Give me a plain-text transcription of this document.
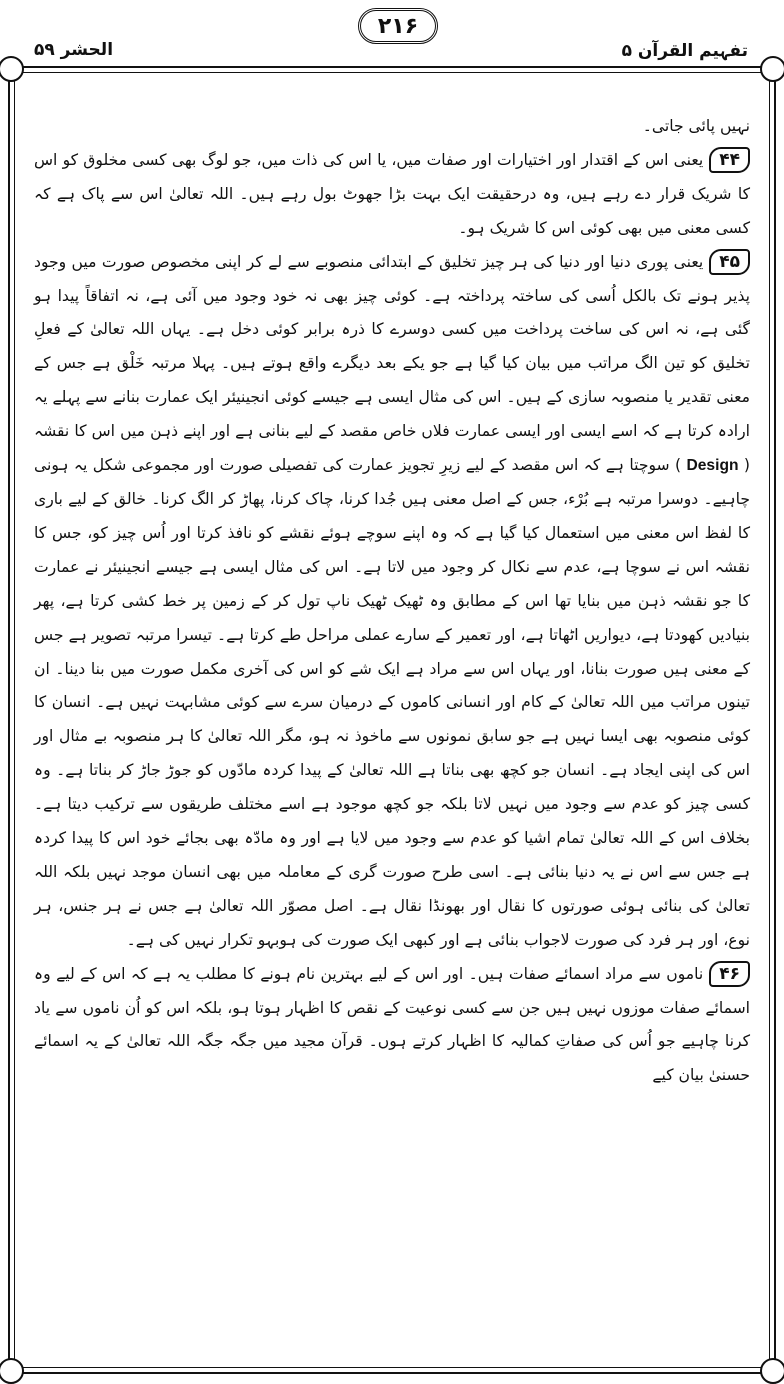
الحشر ۵۹
۲۱۶
تفہیم القرآن ۵

نہیں پائی جاتی۔

۴۴یعنی اس کے اقتدار اور اختیارات اور صفات میں، یا اس کی ذات میں، جو لوگ بھی کسی مخلوق کو اس کا شریک قرار دے رہے ہیں، وہ درحقیقت ایک بہت بڑا جھوٹ بول رہے ہیں۔ اللہ تعالیٰ اس سے پاک ہے کہ کسی معنی میں بھی کوئی اس کا شریک ہو۔

۴۵یعنی پوری دنیا اور دنیا کی ہر چیز تخلیق کے ابتدائی منصوبے سے لے کر اپنی مخصوص صورت میں وجود پذیر ہونے تک بالکل اُسی کی ساختہ پرداختہ ہے۔ کوئی چیز بھی نہ خود وجود میں آئی ہے، نہ اتفاقاً پیدا ہو گئی ہے، نہ اس کی ساخت پرداخت میں کسی دوسرے کا ذرہ برابر کوئی دخل ہے۔ یہاں اللہ تعالیٰ کے فعلِ تخلیق کو تین الگ مراتب میں بیان کیا گیا ہے جو یکے بعد دیگرے واقع ہوتے ہیں۔ پہلا مرتبہ خَلْق ہے جس کے معنی تقدیر یا منصوبہ سازی کے ہیں۔ اس کی مثال ایسی ہے جیسے کوئی انجینیئر ایک عمارت بنانے سے پہلے یہ ارادہ کرتا ہے کہ اسے ایسی اور ایسی عمارت فلاں خاص مقصد کے لیے بنانی ہے اور اپنے ذہن میں اس کا نقشہ ( Design ) سوچتا ہے کہ اس مقصد کے لیے زیرِ تجویز عمارت کی تفصیلی صورت اور مجموعی شکل یہ ہونی چاہیے۔ دوسرا مرتبہ ہے بُرْء، جس کے اصل معنی ہیں جُدا کرنا، چاک کرنا، پھاڑ کر الگ کرنا۔ خالق کے لیے باری کا لفظ اس معنی میں استعمال کیا گیا ہے کہ وہ اپنے سوچے ہوئے نقشے کو نافذ کرتا اور اُس چیز کو، جس کا نقشہ اس نے سوچا ہے، عدم سے نکال کر وجود میں لاتا ہے۔ اس کی مثال ایسی ہے جیسے انجینیئر نے عمارت کا جو نقشہ ذہن میں بنایا تھا اس کے مطابق وہ ٹھیک ٹھیک ناپ تول کر کے زمین پر خط کشی کرتا ہے، پھر بنیادیں کھودتا ہے، دیواریں اٹھاتا ہے، اور تعمیر کے سارے عملی مراحل طے کرتا ہے۔ تیسرا مرتبہ تصویر ہے جس کے معنی ہیں صورت بنانا، اور یہاں اس سے مراد ہے ایک شے کو اس کی آخری مکمل صورت میں بنا دینا۔ ان تینوں مراتب میں اللہ تعالیٰ کے کام اور انسانی کاموں کے درمیان سرے سے کوئی مشابہت نہیں ہے۔ انسان کا کوئی منصوبہ بھی ایسا نہیں ہے جو سابق نمونوں سے ماخوذ نہ ہو، مگر اللہ تعالیٰ کا ہر منصوبہ بے مثال اور اس کی اپنی ایجاد ہے۔ انسان جو کچھ بھی بناتا ہے اللہ تعالیٰ کے پیدا کردہ مادّوں کو جوڑ جاڑ کر بناتا ہے۔ وہ کسی چیز کو عدم سے وجود میں نہیں لاتا بلکہ جو کچھ موجود ہے اسے مختلف طریقوں سے ترکیب دیتا ہے۔ بخلاف اس کے اللہ تعالیٰ تمام اشیا کو عدم سے وجود میں لایا ہے اور وہ مادّہ بھی بجائے خود اس کا پیدا کردہ ہے جس سے اس نے یہ دنیا بنائی ہے۔ اسی طرح صورت گری کے معاملہ میں بھی انسان موجد نہیں بلکہ اللہ تعالیٰ کی بنائی ہوئی صورتوں کا نقال اور بھونڈا نقال ہے۔ اصل مصوّر اللہ تعالیٰ ہے جس نے ہر جنس، ہر نوع، اور ہر فرد کی صورت لاجواب بنائی ہے اور کبھی ایک صورت کی ہوبہو تکرار نہیں کی ہے۔

۴۶ناموں سے مراد اسمائے صفات ہیں۔ اور اس کے لیے بہترین نام ہونے کا مطلب یہ ہے کہ اس کے لیے وہ اسمائے صفات موزوں نہیں ہیں جن سے کسی نوعیت کے نقص کا اظہار ہوتا ہو، بلکہ اس کو اُن ناموں سے یاد کرنا چاہیے جو اُس کی صفاتِ کمالیہ کا اظہار کرتے ہوں۔ قرآن مجید میں جگہ جگہ اللہ تعالیٰ کے یہ اسمائے حسنیٰ بیان کیے
